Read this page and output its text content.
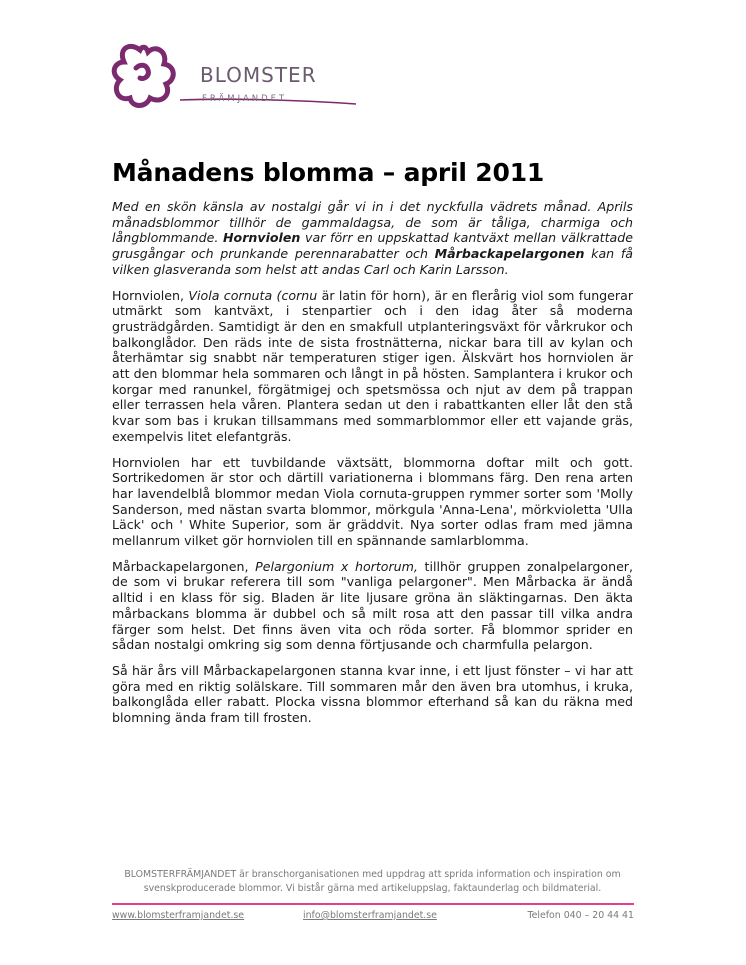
BLOMSTER
FRÄMJANDET
Månadens blomma – april 2011

Med en skön känsla av nostalgi går vi in i det nyckfulla vädrets månad. Aprils månadsblommor tillhör de gammaldagsa, de som är tåliga, charmiga och långblommande. Hornviolen var förr en uppskattad kantväxt mellan välkrattade grusgångar och prunkande perennarabatter och Mårbackapelargonen kan få vilken glasveranda som helst att andas Carl och Karin Larsson.

Hornviolen, Viola cornuta (cornu är latin för horn), är en flerårig viol som fungerar utmärkt som kantväxt, i stenpartier och i den idag åter så moderna grusträdgården. Samtidigt är den en smakfull utplanteringsväxt för vårkrukor och balkonglådor. Den räds inte de sista frostnätterna, nickar bara till av kylan och återhämtar sig snabbt när temperaturen stiger igen. Älskvärt hos hornviolen är att den blommar hela sommaren och långt in på hösten. Samplantera i krukor och korgar med ranunkel, förgätmigej och spetsmössa och njut av dem på trappan eller terrassen hela våren. Plantera sedan ut den i rabattkanten eller låt den stå kvar som bas i krukan tillsammans med sommarblommor eller ett vajande gräs, exempelvis litet elefantgräs.

Hornviolen har ett tuvbildande växtsätt, blommorna doftar milt och gott. Sortrikedomen är stor och därtill variationerna i blommans färg. Den rena arten har lavendelblå blommor medan Viola cornuta-gruppen rymmer sorter som 'Molly Sanderson, med nästan svarta blommor, mörkgula 'Anna-Lena', mörkvioletta 'Ulla Läck' och ' White Superior, som är gräddvit. Nya sorter odlas fram med jämna mellanrum vilket gör hornviolen till en spännande samlarblomma.

Mårbackapelargonen, Pelargonium x hortorum, tillhör gruppen zonalpelargoner, de som vi brukar referera till som "vanliga pelargoner". Men Mårbacka är ändå alltid i en klass för sig. Bladen är lite ljusare gröna än släktingarnas. Den äkta mårbackans blomma är dubbel och så milt rosa att den passar till vilka andra färger som helst. Det finns även vita och röda sorter. Få blommor sprider en sådan nostalgi omkring sig som denna förtjusande och charmfulla pelargon.

Så här års vill Mårbackapelargonen stanna kvar inne, i ett ljust fönster – vi har att göra med en riktig solälskare. Till sommaren mår den även bra utomhus, i kruka, balkonglåda eller rabatt. Plocka vissna blommor efterhand så kan du räkna med blomning ända fram till frosten.

BLOMSTERFRÄMJANDET är branschorganisationen med uppdrag att sprida information och inspiration om svenskproducerade blommor. Vi bistår gärna med artikeluppslag, faktaunderlag och bildmaterial.
www.blomsterframjandet.se	info@blomsterframjandet.se	Telefon 040 – 20 44 41
